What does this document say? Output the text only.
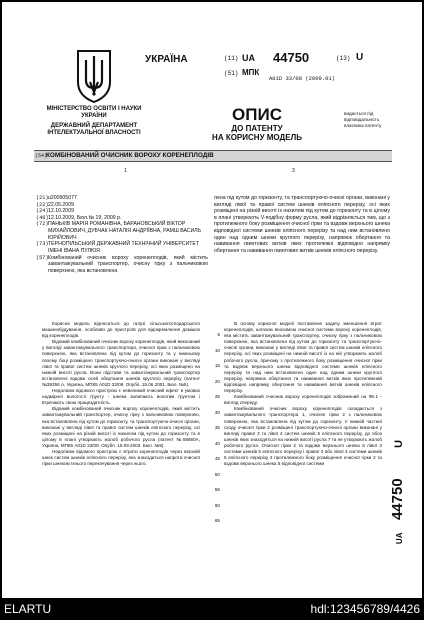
МІНІСТЕРСТВО ОСВІТИ І НАУКИ УКРАЇНИ
ДЕРЖАВНИЙ ДЕПАРТАМЕНТ ІНТЕЛЕКТУАЛЬНОЇ ВЛАСНОСТІ
УКРАЇНА	(11) UA 44750	(13) U
(51) МПК
A01D 33/08 (2009.01)
ОПИС
ДО ПАТЕНТУ
НА КОРИСНУ МОДЕЛЬ
видається під відповідальність власника патенту
(54)
КОМБІНОВАНИЙ ОЧИСНИК ВОРОХУ КОРЕНЕПЛОДІВ
1	3
(21) u200905077
(22) 22.05.2009
(24) 12.10.2009
(46) 12.10.2009, Бюл.№ 19, 2009 р.
(72) ПАНЬКІВ МАРІЯ РОМАНІВНА, БАРАНОВСЬКИЙ ВІКТОР МИХАЙЛОВИЧ, ДУБЧАК НАТАЛІЯ АНДРІЇВНА, РАМШ ВАСИЛЬ ЮРІЙОВИЧ
(73) ТЕРНОПІЛЬСЬКИЙ ДЕРЖАВНИЙ ТЕХНІЧНИЙ УНІВЕРСИТЕТ ІМЕНІ ІВАНА ПУЛЮЯ
(57) Комбінований очисник вороху коренеплодів, який містить завантажувальний транспортер, очисну гірку з пальчиковою поверхнею, яка встановлена

лена під кутом до горизонту, та транспортуючо-очисні органи, виконані у вигляді лівої та правої систем шнеків еліпсного перерізу, осі яких розміщені на різній висоті із нахилом під кутом до горизонту та в цілому в плані утворюють V-подібну форму русла, який відрізняється тим, що з протилежного боку розміщення очисної гірки та вздовж верхнього шнека відповідної системи шнеків еліпсного перерізу та над ним встановлено один над одним шнеки круглого перерізу, напрямок обертання та навивання гвинтових витків яких протилежні відповідно напрямку обертання та навивання гвинтових витків шнеків еліпсного перерізу.

Корисна модель відноситься до галузі сільськогосподарського машинобудування, особливо до пристроїв для відокремлення домішок від коренеплодів.

Відомий комбінований очисник вороху коренеплодів, який виконаний у вигляді завантажувального транспортера, очисної гірки з пальчиковою поверхнею, яка встановлена під кутом до горизонту та у нижньому своєму боці розміщено транспортуючо-очисні органи виконані у вигляді лівої та правої систем шнеків круглого перерізу, осі яких розміщено на нижній висоті русла. Вони підстави та завантажувальний транспортер встановлені вздовж осей обертання шнеків круглого перерізу (патент №39356 А, Україна, МПК5 А01D 33/08. Опубл. 15.06.2001. Бюл. №5).

Недоліком відомого пристрою є невеликий очисний ефект в умовах надмірної вологості ґрунту - шнеки залипають вологим ґрунтом і втрачають свою працездатність.

Відомий комбінований очисник вороху коренеплодів, який містить завантажувальний транспортер, очисну гірку з пальчиковою поверхнею, яка встановлена під кутом до горизонту, та транспортуючо-очисні органи, виконані у вигляді лівої та правої систем шнеків еліпсного перерізу, осі яких розміщені на різній висоті із нахилом під кутом до горизонту та в цілому в плані утворюють жолоб робочого русла (патент №58860А, Україна, МПК5 А01D 33/08. Опубл. 15.09.2003. Бюл. №9).

Недоліком відомого пристрою є втрати коренеплодів через верхній шнек систем шнеків еліпсного перерізу, яка знаходиться напроти очисної гірки шнеком їхнього перекочування через нього.

5
10
15
20
25
30
35
40
45
50
55
60
65

В основу корисної моделі поставлене задачу зменшення втрат коренеплодів, шляхом вносимою очисної системи вороху коренеплодів, яка містить завантажувальний транспортер, очисну гірку з пальчиковою поверхнею, яка встановлена під кутом до горизонту та транспортуючо-очисні органи, виконані у вигляді лівої та правої систем шнеків еліпсного перерізу, осі яких розміщені на нижній висоті із на ній утворюють жолоб робочого русла, причому з протилежного боку розміщення очисної гірки та вздовж верхнього шнека відповідної системи шнеків еліпсного перерізу та над ним встановлено один над одним шнеки круглого перерізу, напрямок обертання та навивання витків яких протилежний відповідно напрямку обертання та навивання витків шнеків еліпсного перерізу.

Комбінований очисник вороху коренеплодів зображений на Фіг.1 - вигляд спереду.

Комбінований очисник вороху коренеплодів складається з завантажувального транспортера 1, очисної гірки 2 з пальчиковою поверхнею, яка встановлена під кутом до горизонту. У нижній частині сходу очисної гірки 2 розміщені транспортуючо-очисні органи виконані у вигляді правої 3 та лівої 4 систем шнеків 5 еліпсного перерізу, до обох шнеків яких знаходяться на нижній висоті русла 7 та не утворюють жолоб робочого русла. Очисної гірки 2 та вздовж верхнього шнека 6 лівої 3 системи шнеків 5 еліпсного перерізу і правої 3 або лівої 4 системи шнеків 5 еліпсного перерізу 3 протилежного боку розміщення очисної гірки 2 та вздовж верхнього шнека 5 відповідної системи

UA 44750 U
ELARTU	hdl:123456789/4426
